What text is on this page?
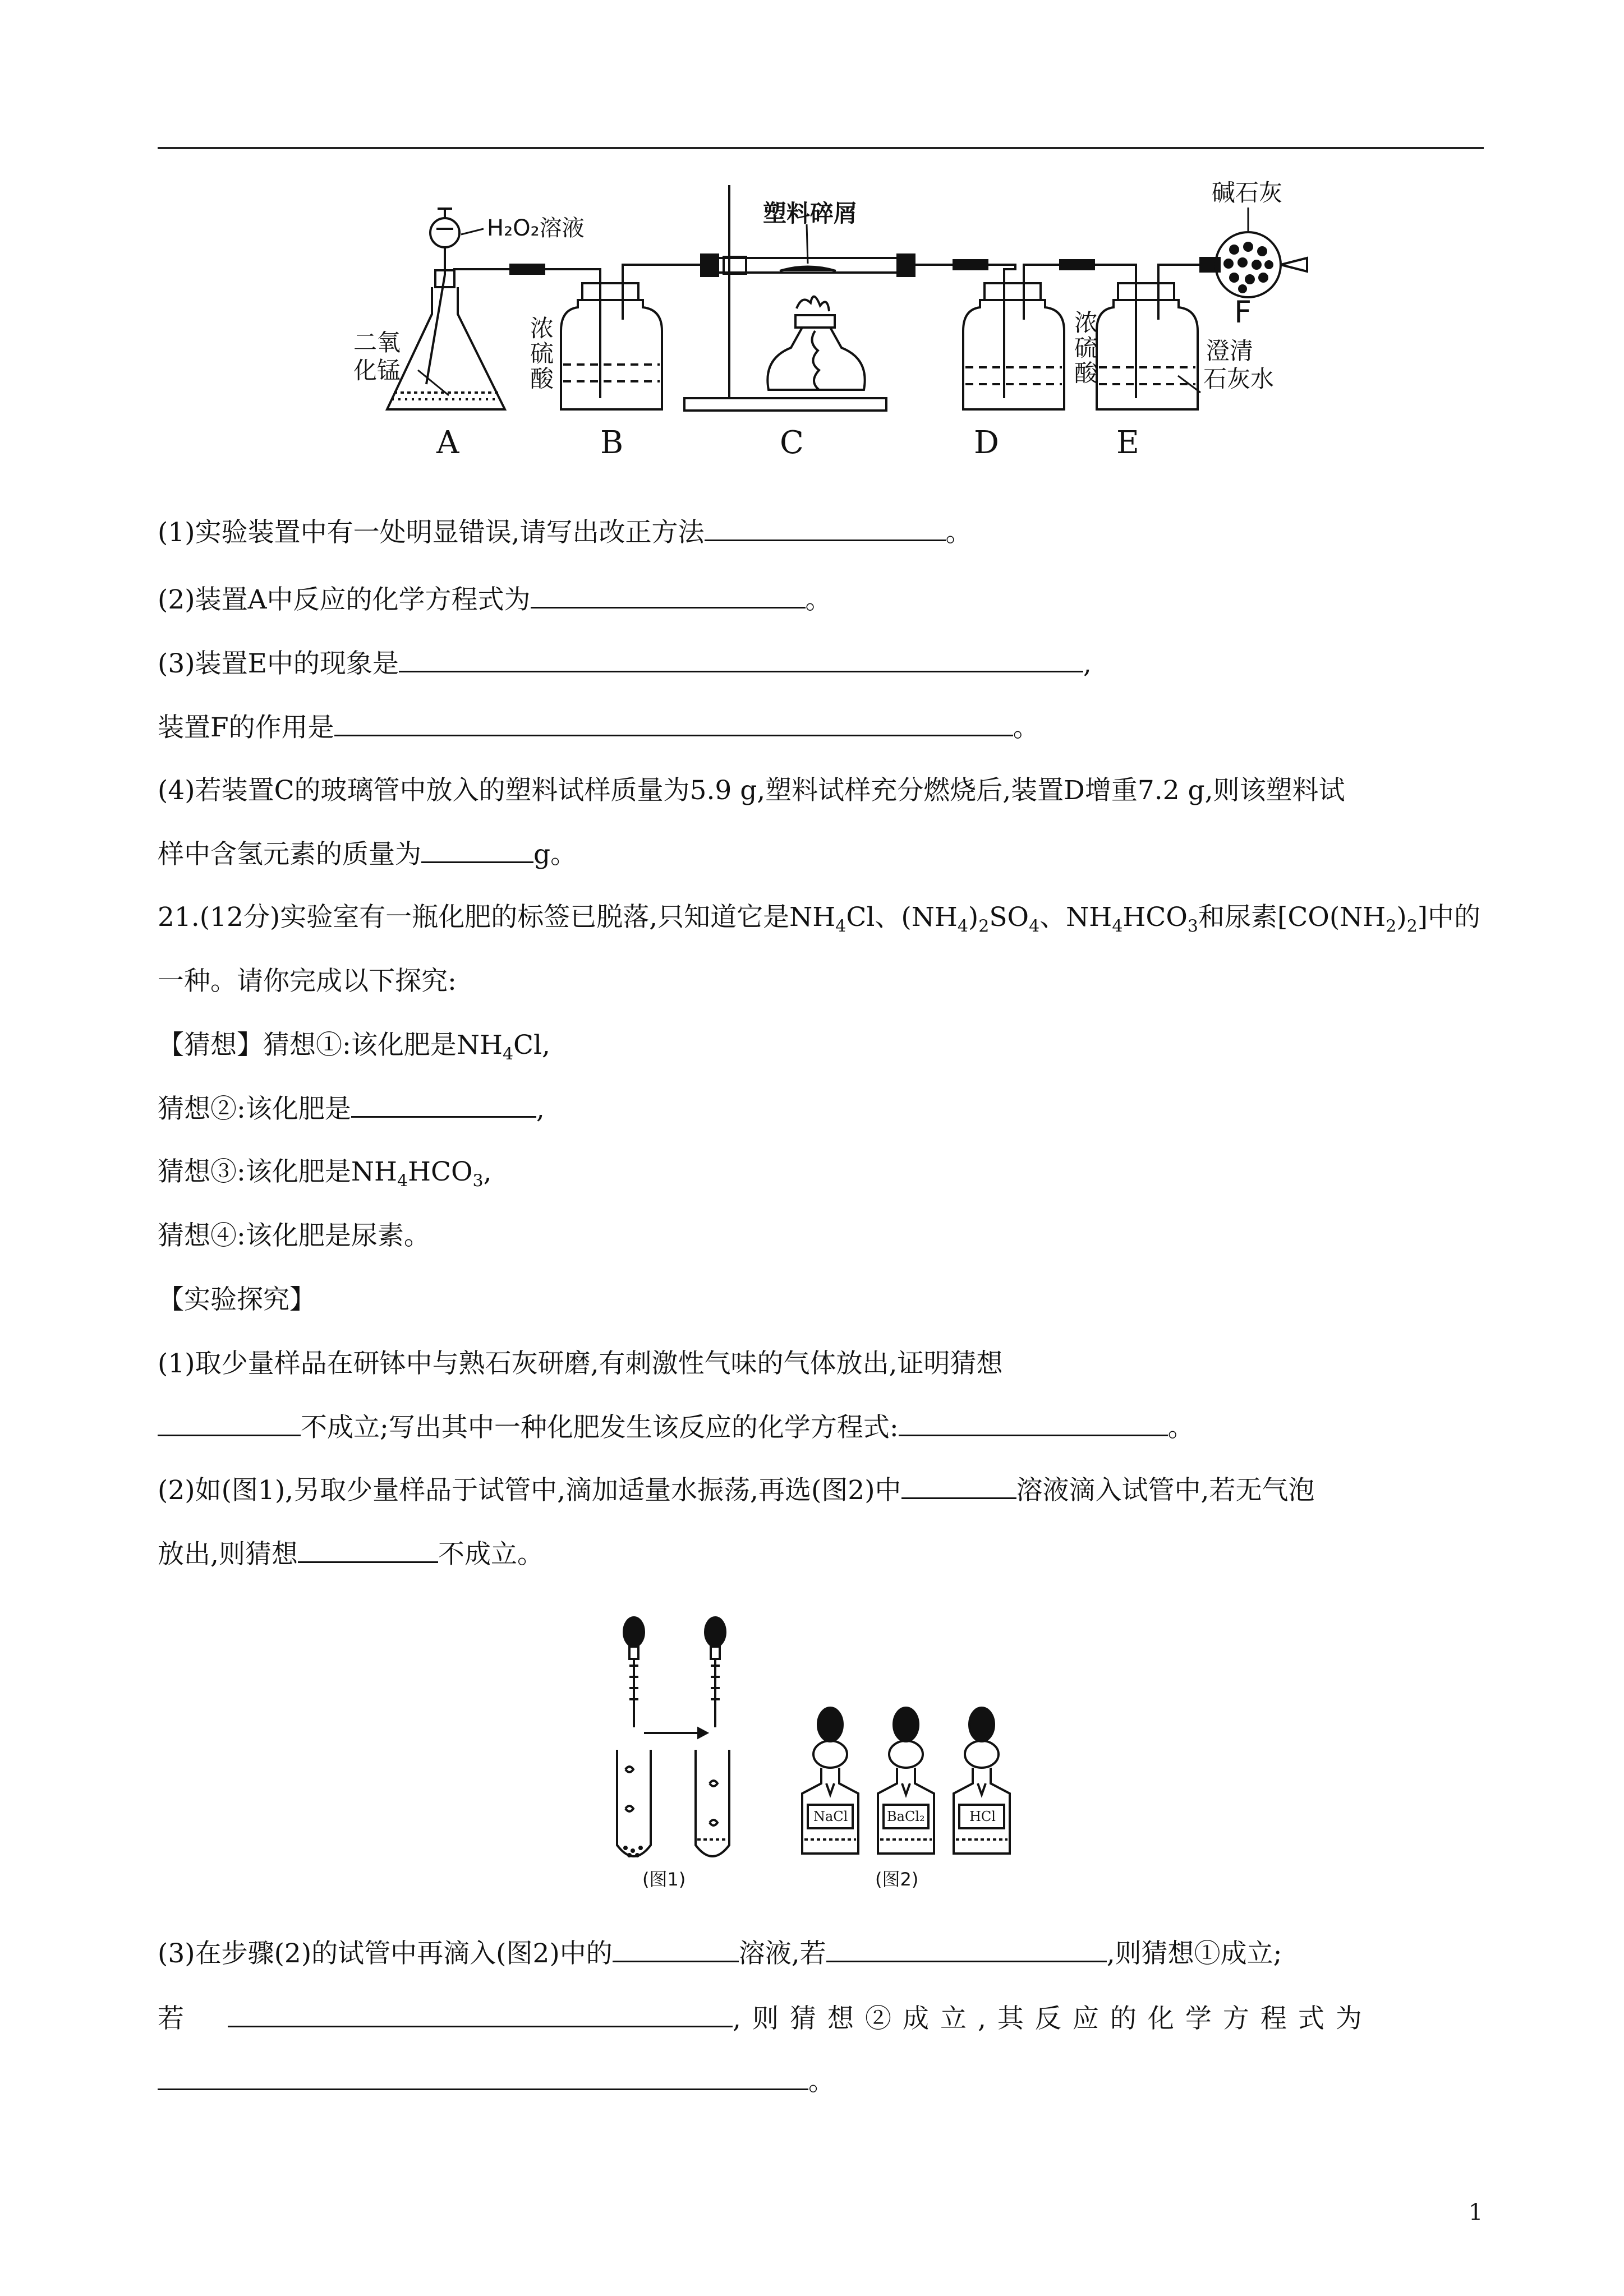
H₂O₂溶液
塑料碎屑
碱石灰
二氧
化锰
浓
硫
酸
浓
硫
酸
澄清
石灰水
F
A	B	C	D	E
(1)实验装置中有一处明显错误,请写出改正方法	。
(2)装置A中反应的化学方程式为	。
(3)装置E中的现象是	,
装置F的作用是	。
(4)若装置C的玻璃管中放入的塑料试样质量为5.9 g,塑料试样充分燃烧后,装置D增重7.2 g,则该塑料试
样中含氢元素的质量为	g。
21.(12分)实验室有一瓶化肥的标签已脱落,只知道它是$NH_4Cl$、$(NH_4)_2SO_4$、$NH_4HCO_3$和尿素$[CO(NH_2)_2]$中的
一种。请你完成以下探究:
【猜想】猜想①:该化肥是$NH_4Cl$,
猜想②:该化肥是	,
猜想③:该化肥是$NH_4HCO_3$,
猜想④:该化肥是尿素。
【实验探究】
(1)取少量样品在研钵中与熟石灰研磨,有刺激性气味的气体放出,证明猜想
不成立;写出其中一种化肥发生该反应的化学方程式:	。
(2)如(图1),另取少量样品于试管中,滴加适量水振荡,再选(图2)中	溶液滴入试管中,若无气泡
放出,则猜想	不成立。
NaCl	BaCl₂	HCl
(图1)	(图2)
(3)在步骤(2)的试管中再滴入(图2)中的	溶液,若	,则猜想①成立;
若	,则猜想②成立,其反应的化学方程式为
。
1
